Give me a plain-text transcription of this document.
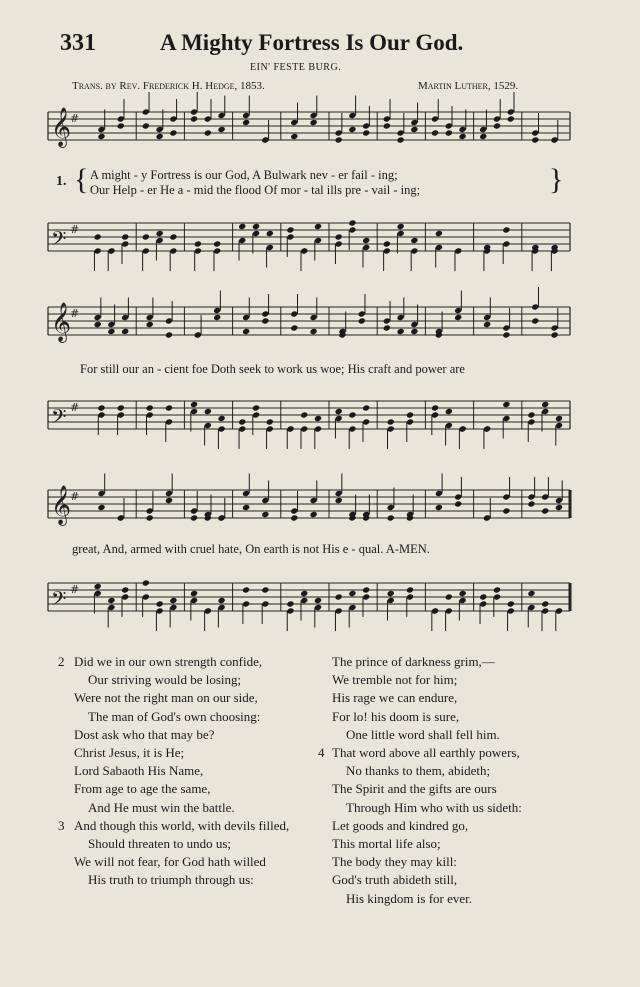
331	A Mighty Fortress Is Our God.
EIN' FESTE BURG.
Trans. by Rev. Frederick H. Hedge, 1853.	Martin Luther, 1529.
𝄞
#
𝄢 #
𝄞
#
𝄢 #
𝄞
#
𝄢 #
1. {	}
A might - y Fortress is our God, A Bulwark nev - er fail - ing;
Our Help - er He a - mid the flood Of mor - tal ills pre - vail - ing;
For still our an - cient foe Doth seek to work us woe; His craft and power are
great, And, armed with cruel hate, On earth is not His e - qual. A-MEN.
2 Did we in our own strength confide,
Our striving would be losing;
Were not the right man on our side,
The man of God's own choosing:
Dost ask who that may be?
Christ Jesus, it is He;
Lord Sabaoth His Name,
From age to age the same,
And He must win the battle.
3 And though this world, with devils filled,
Should threaten to undo us;
We will not fear, for God hath willed
His truth to triumph through us:
The prince of darkness grim,—
We tremble not for him;
His rage we can endure,
For lo! his doom is sure,
One little word shall fell him.
4 That word above all earthly powers,
No thanks to them, abideth;
The Spirit and the gifts are ours
Through Him who with us sideth:
Let goods and kindred go,
This mortal life also;
The body they may kill:
God's truth abideth still,
His kingdom is for ever.
